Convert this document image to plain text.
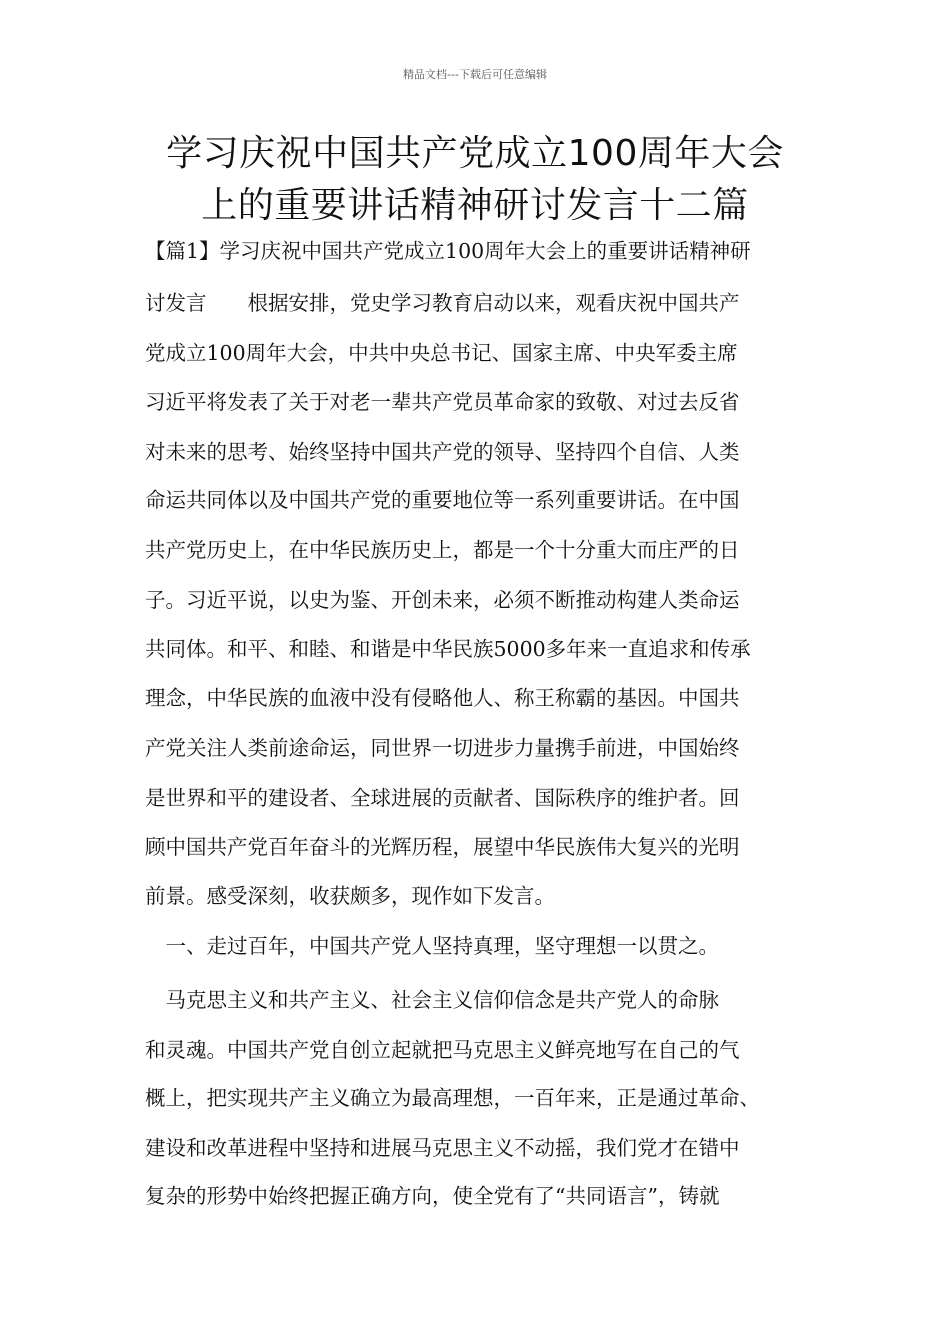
精品文档---下载后可任意编辑
学习庆祝中国共产党成立100周年大会
上的重要讲话精神研讨发言十二篇
【篇1】学习庆祝中国共产党成立100周年大会上的重要讲话精神研
讨发言　　根据安排，党史学习教育启动以来，观看庆祝中国共产
党成立100周年大会，中共中央总书记、国家主席、中央军委主席
习近平将发表了关于对老一辈共产党员革命家的致敬、对过去反省
对未来的思考、始终坚持中国共产党的领导、坚持四个自信、人类
命运共同体以及中国共产党的重要地位等一系列重要讲话。在中国
共产党历史上，在中华民族历史上，都是一个十分重大而庄严的日
子。习近平说，以史为鉴、开创未来，必须不断推动构建人类命运
共同体。和平、和睦、和谐是中华民族5000多年来一直追求和传承
理念，中华民族的血液中没有侵略他人、称王称霸的基因。中国共
产党关注人类前途命运，同世界一切进步力量携手前进，中国始终
是世界和平的建设者、全球进展的贡献者、国际秩序的维护者。回
顾中国共产党百年奋斗的光辉历程，展望中华民族伟大复兴的光明
前景。感受深刻，收获颇多，现作如下发言。
　一、走过百年，中国共产党人坚持真理，坚守理想一以贯之。
　马克思主义和共产主义、社会主义信仰信念是共产党人的命脉
和灵魂。中国共产党自创立起就把马克思主义鲜亮地写在自己的气
概上，把实现共产主义确立为最高理想，一百年来，正是通过革命、
建设和改革进程中坚持和进展马克思主义不动摇，我们党才在错中
复杂的形势中始终把握正确方向，使全党有了“共同语言”，铸就
